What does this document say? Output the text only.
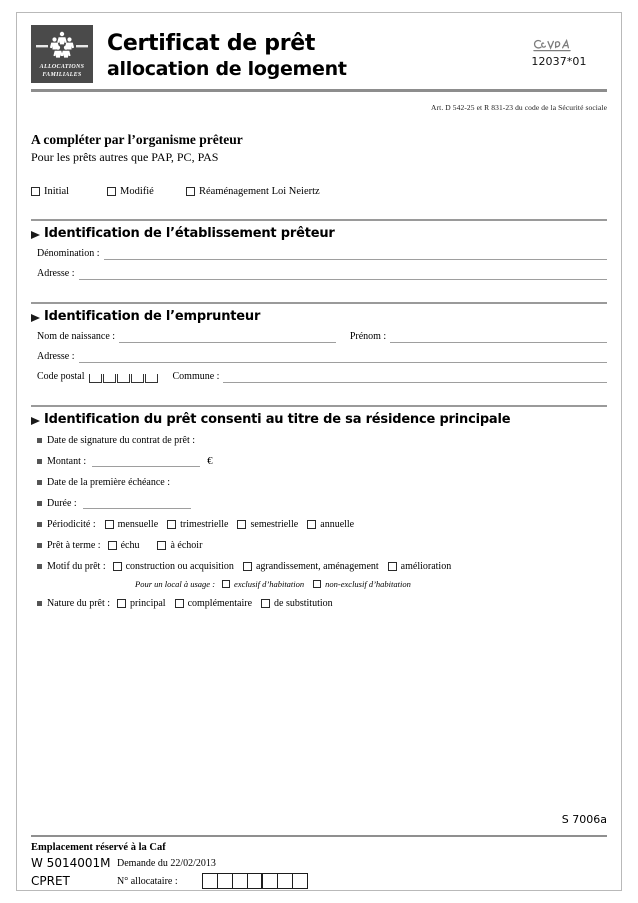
ALLOCATIONS
FAMILIALES
Certificat de prêt
allocation de logement	12037*01
Art. D 542-25 et R 831-23 du code de la Sécurité sociale
A compléter par l’organisme prêteur
Pour les prêts autres que PAP, PC, PAS
Initial	Modifié	Réaménagement Loi Neiertz
Identification de l’établissement prêteur
Dénomination :
Adresse :
Identification de l’emprunteur
Nom de naissance :	Prénom :
Adresse :
Code postal	Commune :
Identification du prêt consenti au titre de sa résidence principale
Date de signature du contrat de prêt :
Montant :	€
Date de la première échéance :
Durée :
Périodicité : mensuelle trimestrielle semestrielle annuelle
Prêt à terme : échu	à échoir
Motif du prêt : construction ou acquisition agrandissement, aménagement amélioration
Pour un local à usage : exclusif d’habitation non-exclusif d’habitation
Nature du prêt : principal complémentaire de substitution
S 7006a
Emplacement réservé à la Caf
W 5014001M Demande du 22/02/2013
CPRET	N° allocataire :
